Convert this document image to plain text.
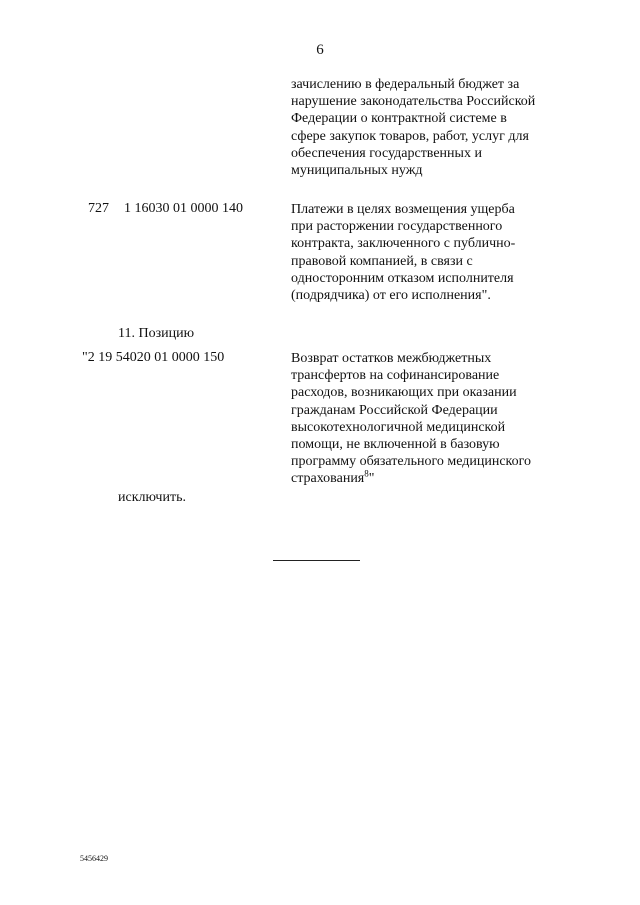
6
зачислению в федеральный бюджет за
нарушение законодательства Российской
Федерации о контрактной системе в
сфере закупок товаров, работ, услуг для
обеспечения государственных и
муниципальных нужд
727 1 16030 01 0000 140	Платежи в целях возмещения ущерба
при расторжении государственного
контракта, заключенного с публично-
правовой компанией, в связи с
односторонним отказом исполнителя
(подрядчика) от его исполнения".
11. Позицию
"2 19 54020 01 0000 150	Возврат остатков межбюджетных
трансфертов на софинансирование
расходов, возникающих при оказании
гражданам Российской Федерации
высокотехнологичной медицинской
помощи, не включенной в базовую
программу обязательного медицинского
страхования$^8$"
исключить.
5456429
